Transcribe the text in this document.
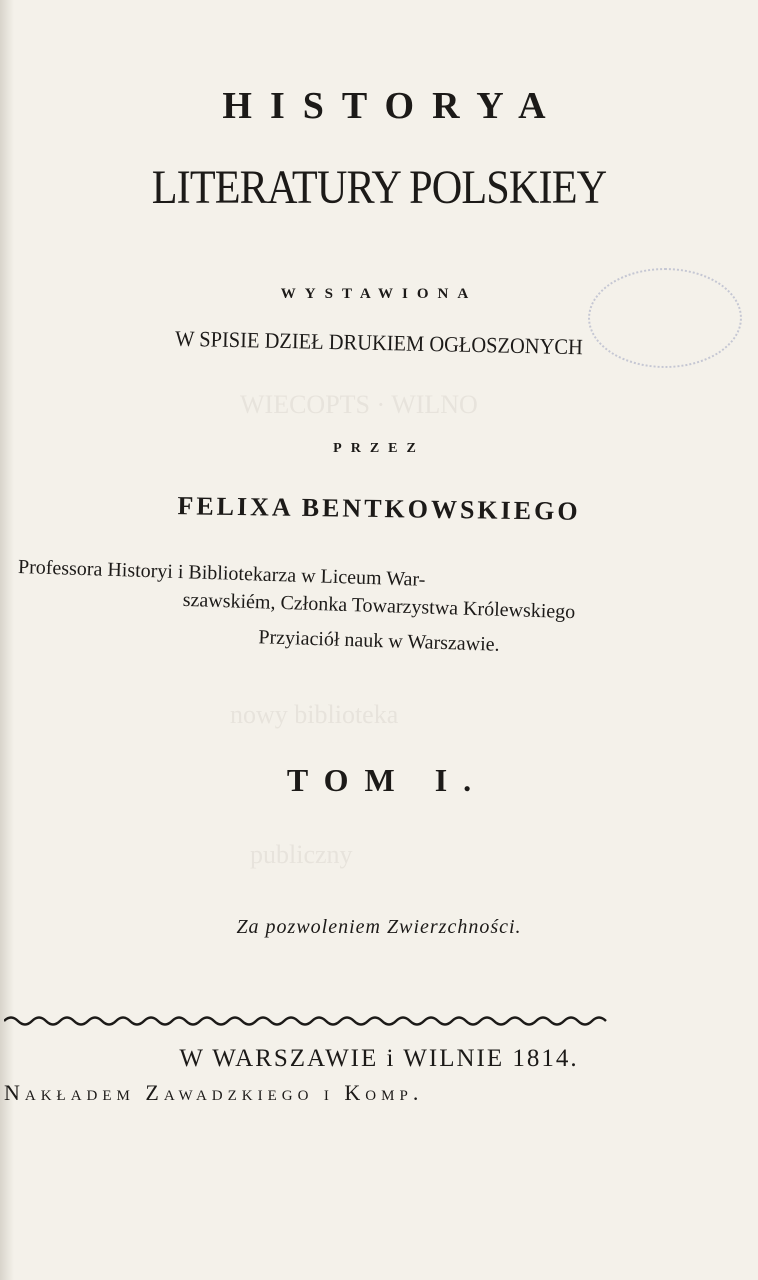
WIECOPTS · WILNO
nowy biblioteka
publiczny
HISTORYA
LITERATURY POLSKIEY
WYSTAWIONA
W SPISIE DZIEŁ DRUKIEM OGŁOSZONYCH
PRZEZ
FELIXA BENTKOWSKIEGO
Professora Historyi i Bibliotekarza w Liceum War-
szawskiém, Członka Towarzystwa Królewskiego
Przyiaciół nauk w Warszawie.
TOM I.
Za pozwoleniem Zwierzchności.
W WARSZAWIE i WILNIE 1814.
Nakładem Zawadzkiego i Komp.
